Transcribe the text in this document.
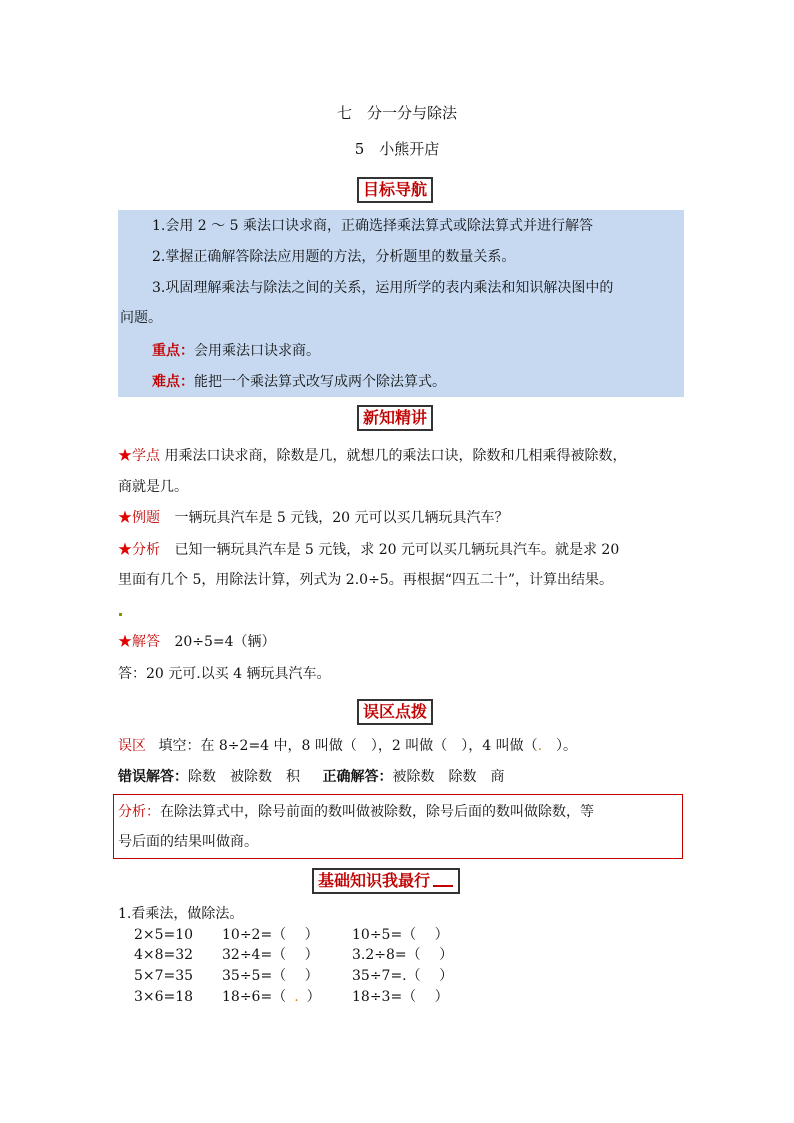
七　分一分与除法
5　小熊开店
目标导航
1.会用 2 ～ 5 乘法口诀求商，正确选择乘法算式或除法算式并进行解答
2.掌握正确解答除法应用题的方法，分析题里的数量关系。
3.巩固理解乘法与除法之间的关系，运用所学的表内乘法和知识解决图中的
问题。
重点：会用乘法口诀求商。
难点：能把一个乘法算式改写成两个除法算式。
新知精讲
★学点 用乘法口诀求商，除数是几，就想几的乘法口诀，除数和几相乘得被除数，
商就是几。
★例题 一辆玩具汽车是 5 元钱，20 元可以买几辆玩具汽车？
★分析 已知一辆玩具汽车是 5 元钱，求 20 元可以买几辆玩具汽车。就是求 20
里面有几个 5，用除法计算，列式为 2.0÷5。再根据“四五二十”，计算出结果。
★解答 20÷5=4（辆）
答：20 元可.以买 4 辆玩具汽车。
误区点拨
误区 填空：在 8÷2=4 中，8 叫做（　），2 叫做（　），4 叫做（.　）。
错误解答：除数　被除数　积 正确解答：被除数　除数　商
分析：在除法算式中，除号前面的数叫做被除数，除号后面的数叫做除数，等
号后面的结果叫做商。
基础知识我最行
1.看乘法，做除法。
2×5=10 10÷2=（　 ） 10÷5=（　 ）
4×8=32 32÷4=（　 ） 3.2÷8=（　 ）
5×7=35 35÷5=（　 ） 35÷7=.（　 ）
3×6=18 18÷6=（ . ） 18÷3=（　 ）
